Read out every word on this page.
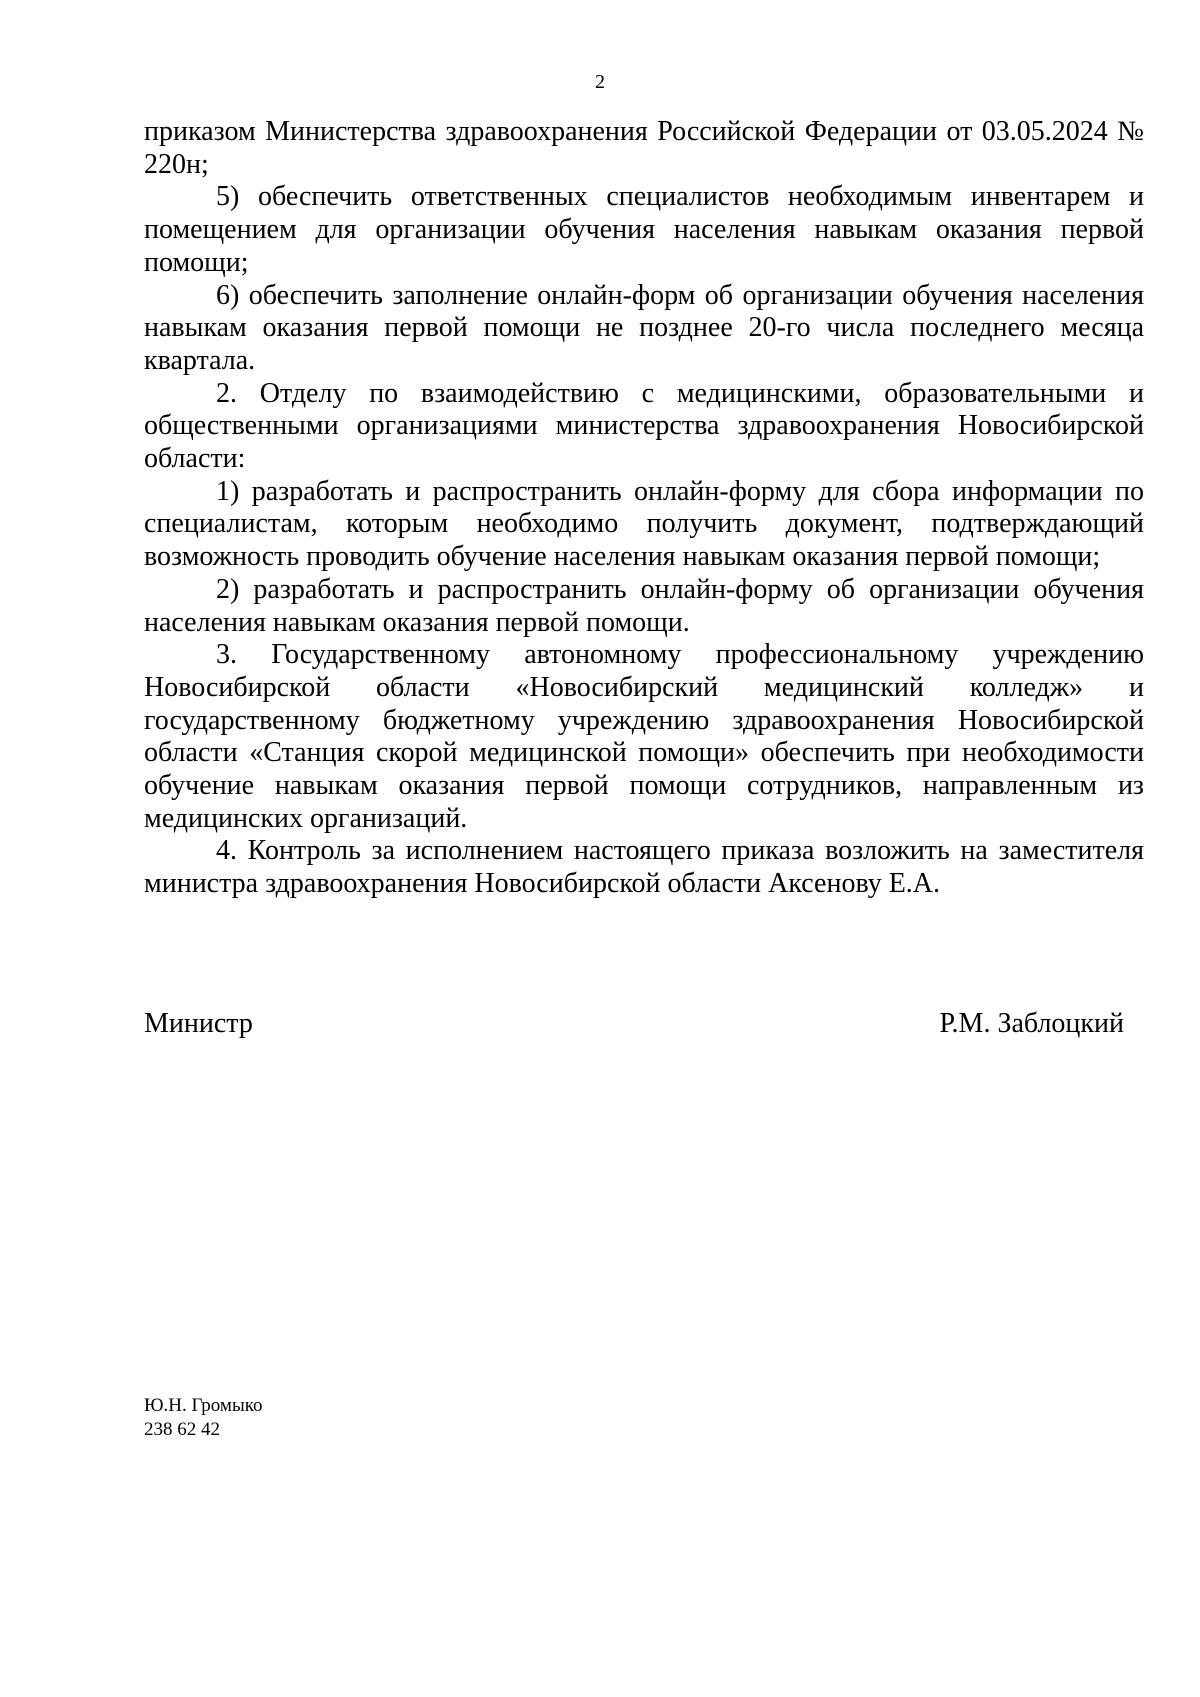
2

приказом Министерства здравоохранения Российской Федерации от 03.05.2024 № 220н;

5) обеспечить ответственных специалистов необходимым инвентарем и помещением для организации обучения населения навыкам оказания первой помощи;

6) обеспечить заполнение онлайн-форм об организации обучения населения навыкам оказания первой помощи не позднее 20-го числа последнего месяца квартала.

2. Отделу по взаимодействию с медицинскими, образовательными и общественными организациями министерства здравоохранения Новосибирской области:

1) разработать и распространить онлайн-форму для сбора информации по специалистам, которым необходимо получить документ, подтверждающий возможность проводить обучение населения навыкам оказания первой помощи;

2) разработать и распространить онлайн-форму об организации обучения населения навыкам оказания первой помощи.

3. Государственному автономному профессиональному учреждению Новосибирской области «Новосибирский медицинский колледж» и государственному бюджетному учреждению здравоохранения Новосибирской области «Станция скорой медицинской помощи» обеспечить при необходимости обучение навыкам оказания первой помощи сотрудников, направленным из медицинских организаций.

4. Контроль за исполнением настоящего приказа возложить на заместителя министра здравоохранения Новосибирской области Аксенову Е.А.

Министр	Р.М. Заблоцкий
Ю.Н. Громыко
238 62 42
